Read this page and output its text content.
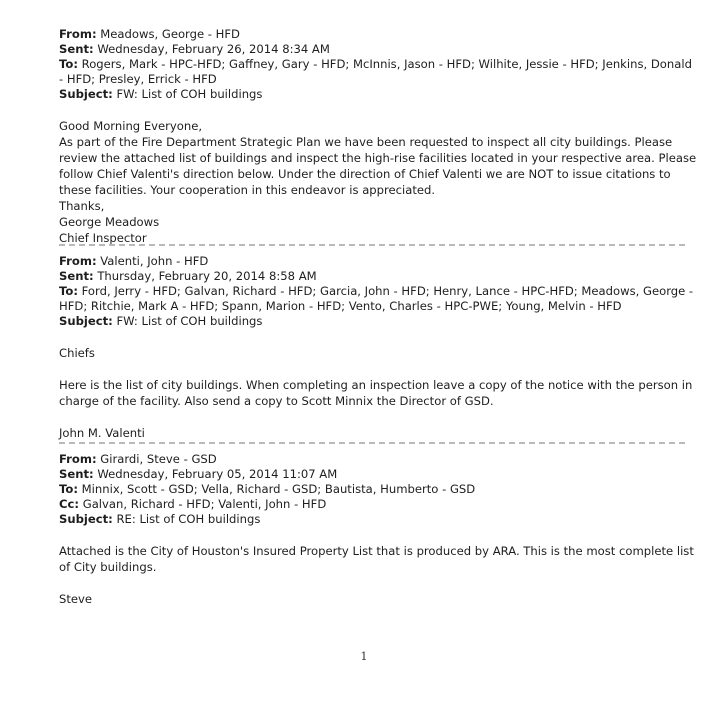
From: Meadows, George - HFD
Sent: Wednesday, February 26, 2014 8:34 AM
To: Rogers, Mark - HPC-HFD; Gaffney, Gary - HFD; McInnis, Jason - HFD; Wilhite, Jessie - HFD; Jenkins, Donald - HFD; Presley, Errick - HFD
Subject: FW: List of COH buildings

Good Morning Everyone,

As part of the Fire Department Strategic Plan we have been requested to inspect all city buildings. Please review the attached list of buildings and inspect the high-rise facilities located in your respective area. Please follow Chief Valenti's direction below. Under the direction of Chief Valenti we are NOT to issue citations to these facilities. Your cooperation in this endeavor is appreciated.

Thanks,

George Meadows

Chief Inspector

From: Valenti, John - HFD
Sent: Thursday, February 20, 2014 8:58 AM
To: Ford, Jerry - HFD; Galvan, Richard - HFD; Garcia, John - HFD; Henry, Lance - HPC-HFD; Meadows, George - HFD; Ritchie, Mark A - HFD; Spann, Marion - HFD; Vento, Charles - HPC-PWE; Young, Melvin - HFD
Subject: FW: List of COH buildings

Chiefs

Here is the list of city buildings. When completing an inspection leave a copy of the notice with the person in charge of the facility. Also send a copy to Scott Minnix the Director of GSD.

John M. Valenti

From: Girardi, Steve - GSD
Sent: Wednesday, February 05, 2014 11:07 AM
To: Minnix, Scott - GSD; Vella, Richard - GSD; Bautista, Humberto - GSD
Cc: Galvan, Richard - HFD; Valenti, John - HFD
Subject: RE: List of COH buildings

Attached is the City of Houston's Insured Property List that is produced by ARA. This is the most complete list of City buildings.

Steve

1
